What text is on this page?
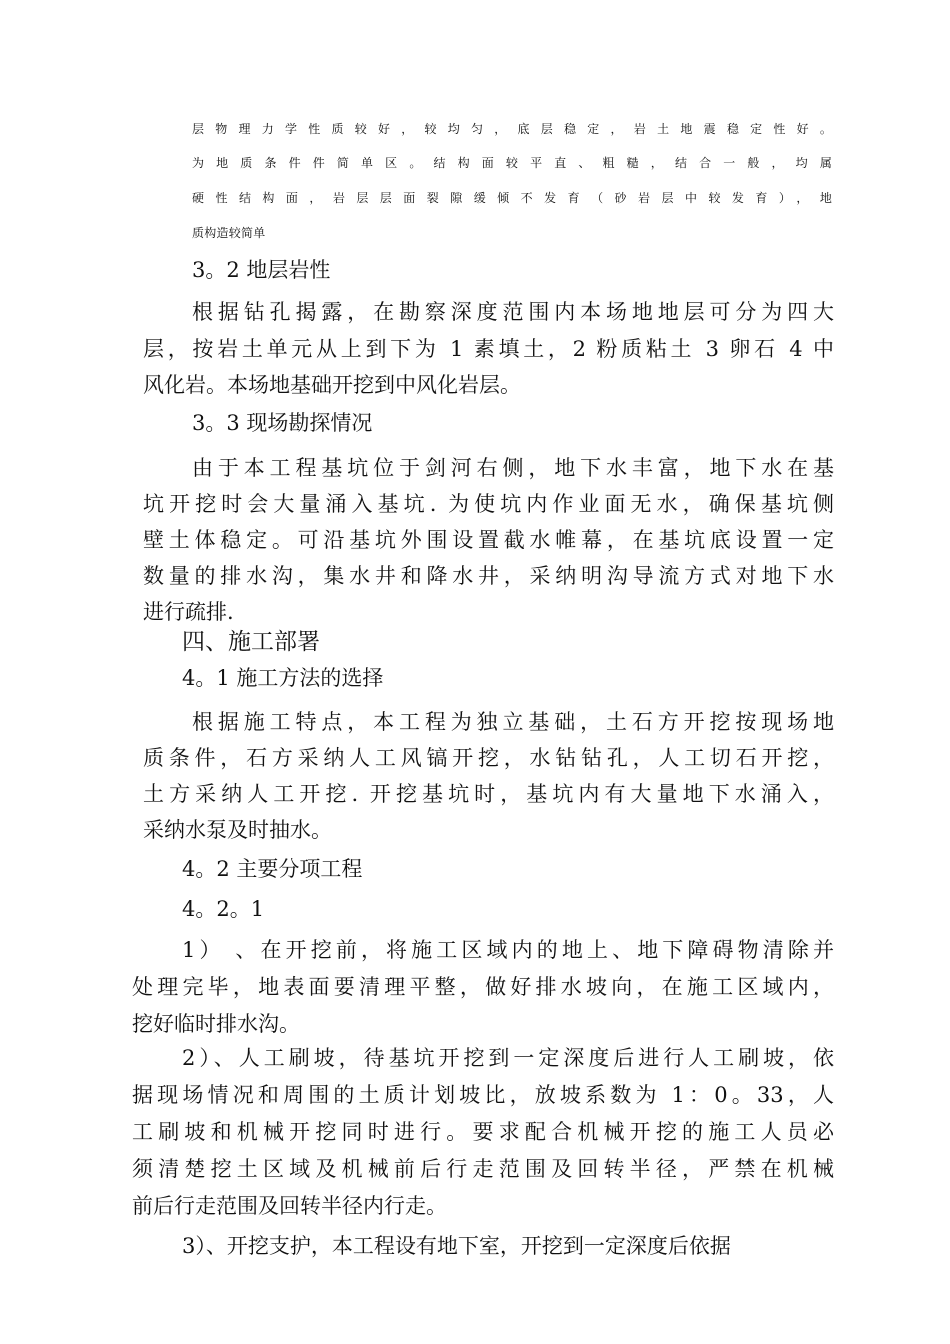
层物理力学性质较好，较均匀，底层稳定，岩土地震稳定性好。
为地质条件件简单区。结构面较平直、粗糙，结合一般，均属
硬性结构面，岩层层面裂隙缓倾不发育（砂岩层中较发育），地
质构造较简单
3。2 地层岩性
根据钻孔揭露，在勘察深度范围内本场地地层可分为四大
层，按岩土单元从上到下为 1 素填土，2 粉质粘土 3 卵石 4 中
风化岩。本场地基础开挖到中风化岩层。
3。3 现场勘探情况
由于本工程基坑位于剑河右侧，地下水丰富，地下水在基
坑开挖时会大量涌入基坑. 为使坑内作业面无水，确保基坑侧
壁土体稳定。可沿基坑外围设置截水帷幕，在基坑底设置一定
数量的排水沟，集水井和降水井，采纳明沟导流方式对地下水
进行疏排.
四、施工部署
4。1 施工方法的选择
根据施工特点，本工程为独立基础，土石方开挖按现场地
质条件，石方采纳人工风镐开挖，水钻钻孔，人工切石开挖，
土方采纳人工开挖. 开挖基坑时，基坑内有大量地下水涌入，
采纳水泵及时抽水。
4。2 主要分项工程
4。2。1
1） 、在开挖前，将施工区域内的地上、地下障碍物清除并
处理完毕，地表面要清理平整，做好排水坡向，在施工区域内，
挖好临时排水沟。
2）、人工刷坡，待基坑开挖到一定深度后进行人工刷坡，依
据现场情况和周围的土质计划坡比，放坡系数为 1：0。33，人
工刷坡和机械开挖同时进行。要求配合机械开挖的施工人员必
须清楚挖土区域及机械前后行走范围及回转半径，严禁在机械
前后行走范围及回转半径内行走。
3）、开挖支护，本工程设有地下室，开挖到一定深度后依据
